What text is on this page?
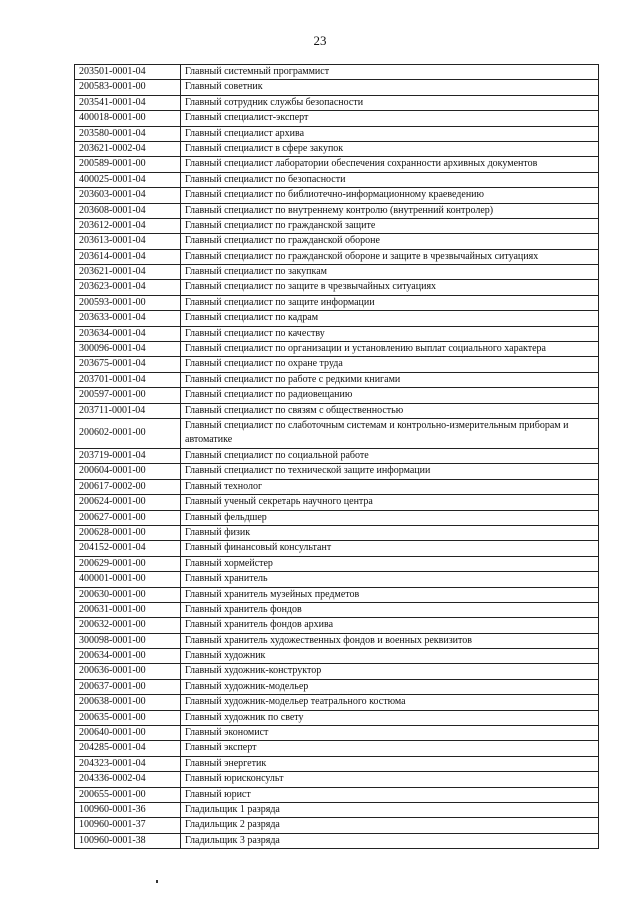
23
203501-0001-04	Главный системный программист
200583-0001-00	Главный советник
203541-0001-04	Главный сотрудник службы безопасности
400018-0001-00	Главный специалист-эксперт
203580-0001-04	Главный специалист архива
203621-0002-04	Главный специалист в сфере закупок
200589-0001-00	Главный специалист лаборатории обеспечения сохранности архивных документов
400025-0001-04	Главный специалист по безопасности
203603-0001-04	Главный специалист по библиотечно-информационному краеведению
203608-0001-04	Главный специалист по внутреннему контролю (внутренний контролер)
203612-0001-04	Главный специалист по гражданской защите
203613-0001-04	Главный специалист по гражданской обороне
203614-0001-04	Главный специалист по гражданской обороне и защите в чрезвычайных ситуациях
203621-0001-04	Главный специалист по закупкам
203623-0001-04	Главный специалист по защите в чрезвычайных ситуациях
200593-0001-00	Главный специалист по защите информации
203633-0001-04	Главный специалист по кадрам
203634-0001-04	Главный специалист по качеству
300096-0001-04	Главный специалист по организации и установлению выплат социального характера
203675-0001-04	Главный специалист по охране труда
203701-0001-04	Главный специалист по работе с редкими книгами
200597-0001-00	Главный специалист по радиовещанию
203711-0001-04	Главный специалист по связям с общественностью
200602-0001-00	Главный специалист по слаботочным системам и контрольно-измерительным приборам и автоматике
203719-0001-04	Главный специалист по социальной работе
200604-0001-00	Главный специалист по технической защите информации
200617-0002-00	Главный технолог
200624-0001-00	Главный ученый секретарь научного центра
200627-0001-00	Главный фельдшер
200628-0001-00	Главный физик
204152-0001-04	Главный финансовый консультант
200629-0001-00	Главный хормейстер
400001-0001-00	Главный хранитель
200630-0001-00	Главный хранитель музейных предметов
200631-0001-00	Главный хранитель фондов
200632-0001-00	Главный хранитель фондов архива
300098-0001-00	Главный хранитель художественных фондов и военных реквизитов
200634-0001-00	Главный художник
200636-0001-00	Главный художник-конструктор
200637-0001-00	Главный художник-модельер
200638-0001-00	Главный художник-модельер театрального костюма
200635-0001-00	Главный художник по свету
200640-0001-00	Главный экономист
204285-0001-04	Главный эксперт
204323-0001-04	Главный энергетик
204336-0002-04	Главный юрисконсульт
200655-0001-00	Главный юрист
100960-0001-36	Гладильщик 1 разряда
100960-0001-37	Гладильщик 2 разряда
100960-0001-38	Гладильщик 3 разряда
